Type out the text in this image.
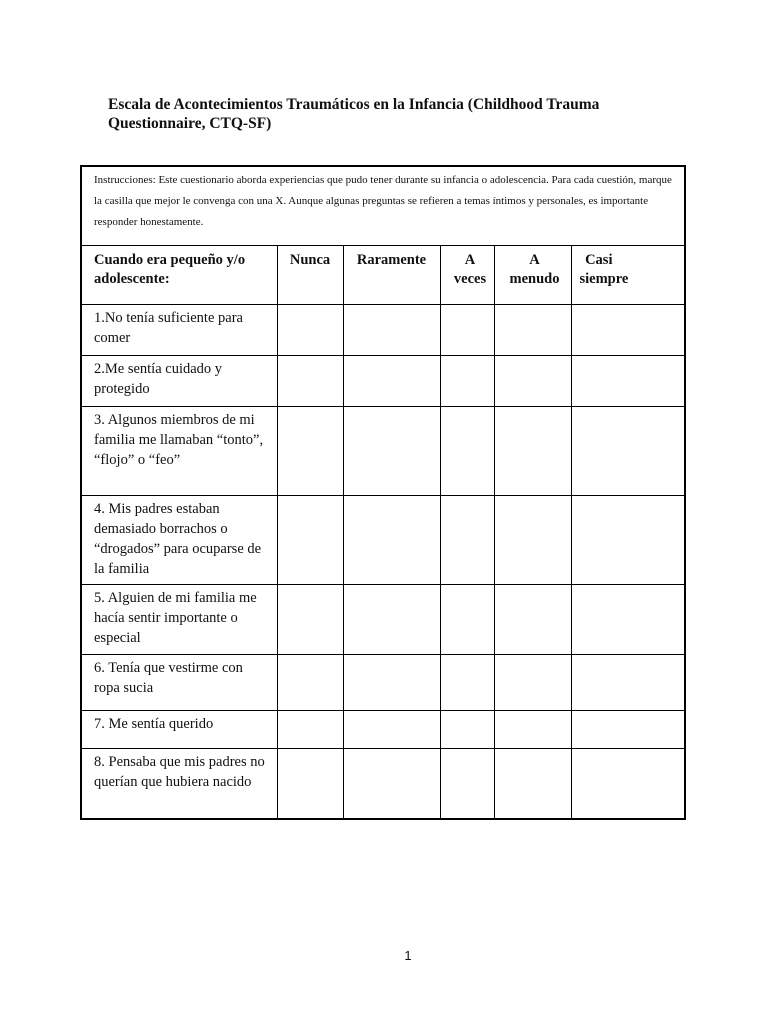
Escala de Acontecimientos Traumáticos en la Infancia (Childhood Trauma Questionnaire, CTQ-SF)
Instrucciones: Este cuestionario aborda experiencias que pudo tener durante su infancia o adolescencia. Para cada cuestión, marque la casilla que mejor le convenga con una X. Aunque algunas preguntas se refieren a temas íntimos y personales, es importante responder honestamente.					
Cuando era pequeño y/o adolescente:	Nunca	Raramente	A veces	A menudo	Casi siempre
1.No tenía suficiente para comer					
2.Me sentía cuidado y protegido					
3. Algunos miembros de mi familia me llamaban “tonto”, “flojo” o “feo”					
4. Mis padres estaban demasiado borrachos o “drogados” para ocuparse de la familia					
5. Alguien de mi familia me hacía sentir importante o especial					
6. Tenía que vestirme con ropa sucia					
7. Me sentía querido					
8. Pensaba que mis padres no querían que hubiera nacido					
1
